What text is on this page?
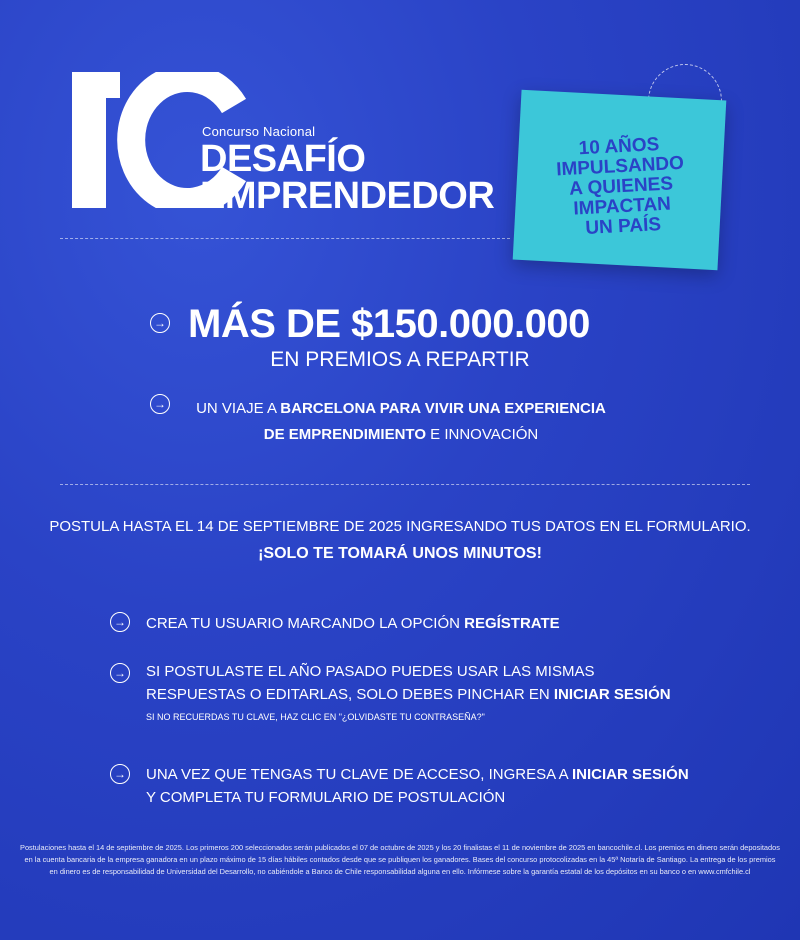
Concurso Nacional
DESAFÍO
EMPRENDEDOR
10 AÑOS IMPULSANDO
A QUIENES IMPACTAN
UN PAÍS
→ MÁS DE $150.000.000
EN PREMIOS A REPARTIR
→	UN VIAJE A BARCELONA PARA VIVIR UNA EXPERIENCIA
DE EMPRENDIMIENTO E INNOVACIÓN
POSTULA HASTA EL 14 DE SEPTIEMBRE DE 2025 INGRESANDO TUS DATOS EN EL FORMULARIO.
¡SOLO TE TOMARÁ UNOS MINUTOS!
→ CREA TU USUARIO MARCANDO LA OPCIÓN REGÍSTRATE
→ SI POSTULASTE EL AÑO PASADO PUEDES USAR LAS MISMAS
RESPUESTAS O EDITARLAS, SOLO DEBES PINCHAR EN INICIAR SESIÓN
SI NO RECUERDAS TU CLAVE, HAZ CLIC EN "¿OLVIDASTE TU CONTRASEÑA?"
→ UNA VEZ QUE TENGAS TU CLAVE DE ACCESO, INGRESA A INICIAR SESIÓN
Y COMPLETA TU FORMULARIO DE POSTULACIÓN
Postulaciones hasta el 14 de septiembre de 2025. Los primeros 200 seleccionados serán publicados el 07 de octubre de 2025 y los 20 finalistas el 11 de noviembre de 2025 en bancochile.cl. Los premios en dinero serán depositados en la cuenta bancaria de la empresa ganadora en un plazo máximo de 15 días hábiles contados desde que se publiquen los ganadores. Bases del concurso protocolizadas en la 45ª Notaría de Santiago. La entrega de los premios en dinero es de responsabilidad de Universidad del Desarrollo, no cabiéndole a Banco de Chile responsabilidad alguna en ello. Infórmese sobre la garantía estatal de los depósitos en su banco o en www.cmfchile.cl
